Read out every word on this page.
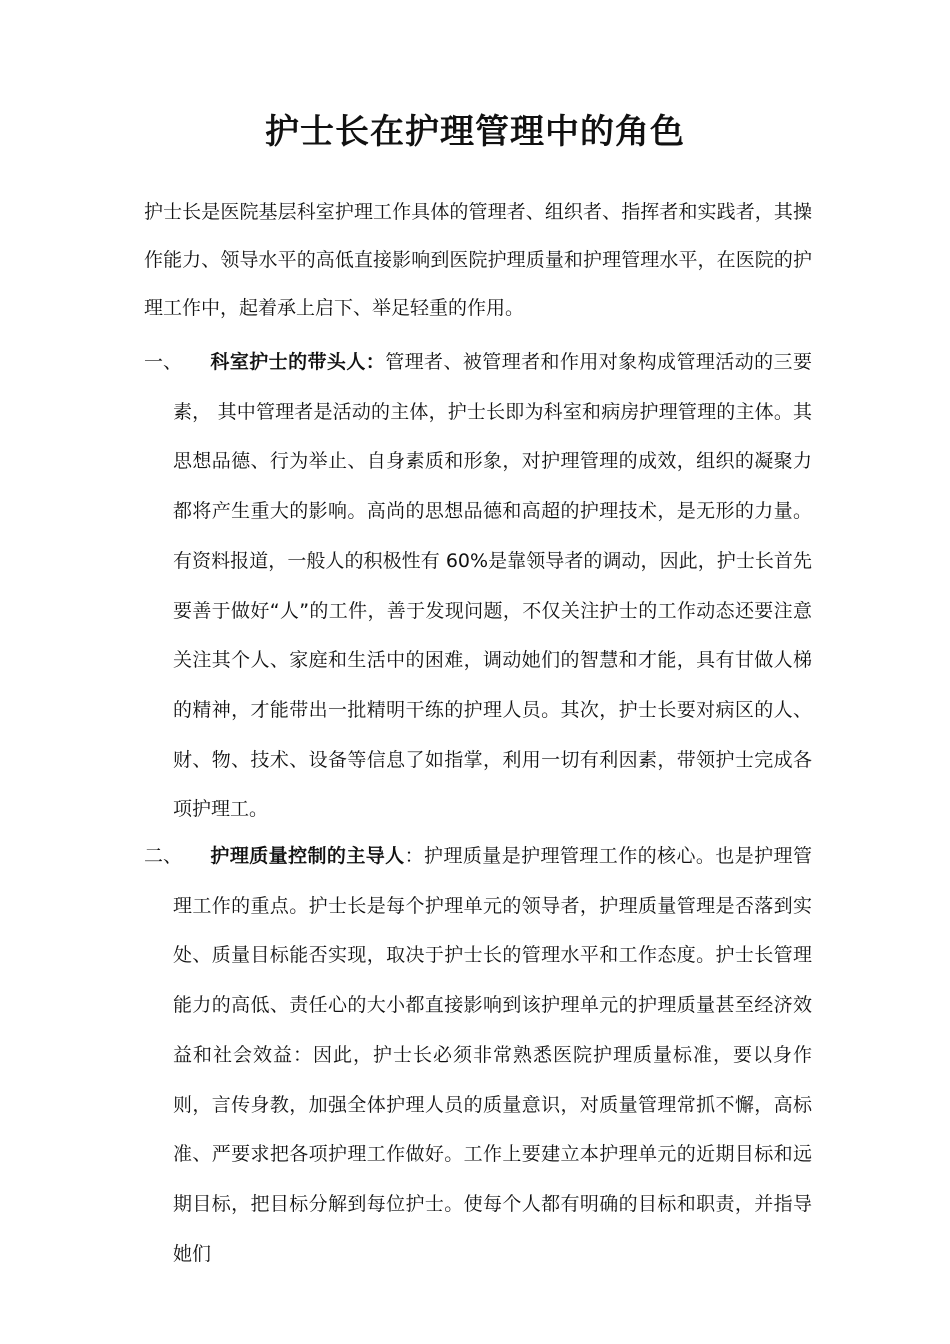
护士长在护理管理中的角色

护士长是医院基层科室护理工作具体的管理者、组织者、指挥者和实践者，其操作能力、领导水平的高低直接影响到医院护理质量和护理管理水平，在医院的护理工作中，起着承上启下、举足轻重的作用。

一、 科室护士的带头人：管理者、被管理者和作用对象构成管理活动的三要素， 其中管理者是活动的主体，护士长即为科室和病房护理管理的主体。其思想品德、行为举止、自身素质和形象，对护理管理的成效，组织的凝聚力都将产生重大的影响。高尚的思想品德和高超的护理技术，是无形的力量。有资料报道，一般人的积极性有 60%是靠领导者的调动，因此，护士长首先要善于做好“人”的工件，善于发现问题，不仅关注护士的工作动态还要注意关注其个人、家庭和生活中的困难，调动她们的智慧和才能，具有甘做人梯的精神，才能带出一批精明干练的护理人员。其次，护士长要对病区的人、财、物、技术、设备等信息了如指掌，利用一切有利因素，带领护士完成各项护理工。

二、 护理质量控制的主导人：护理质量是护理管理工作的核心。也是护理管理工作的重点。护士长是每个护理单元的领导者，护理质量管理是否落到实处、质量目标能否实现，取决于护士长的管理水平和工作态度。护士长管理能力的高低、责任心的大小都直接影响到该护理单元的护理质量甚至经济效益和社会效益：因此，护士长必须非常熟悉医院护理质量标准，要以身作则，言传身教，加强全体护理人员的质量意识，对质量管理常抓不懈，高标准、严要求把各项护理工作做好。工作上要建立本护理单元的近期目标和远期目标，把目标分解到每位护士。使每个人都有明确的目标和职责，并指导她们
